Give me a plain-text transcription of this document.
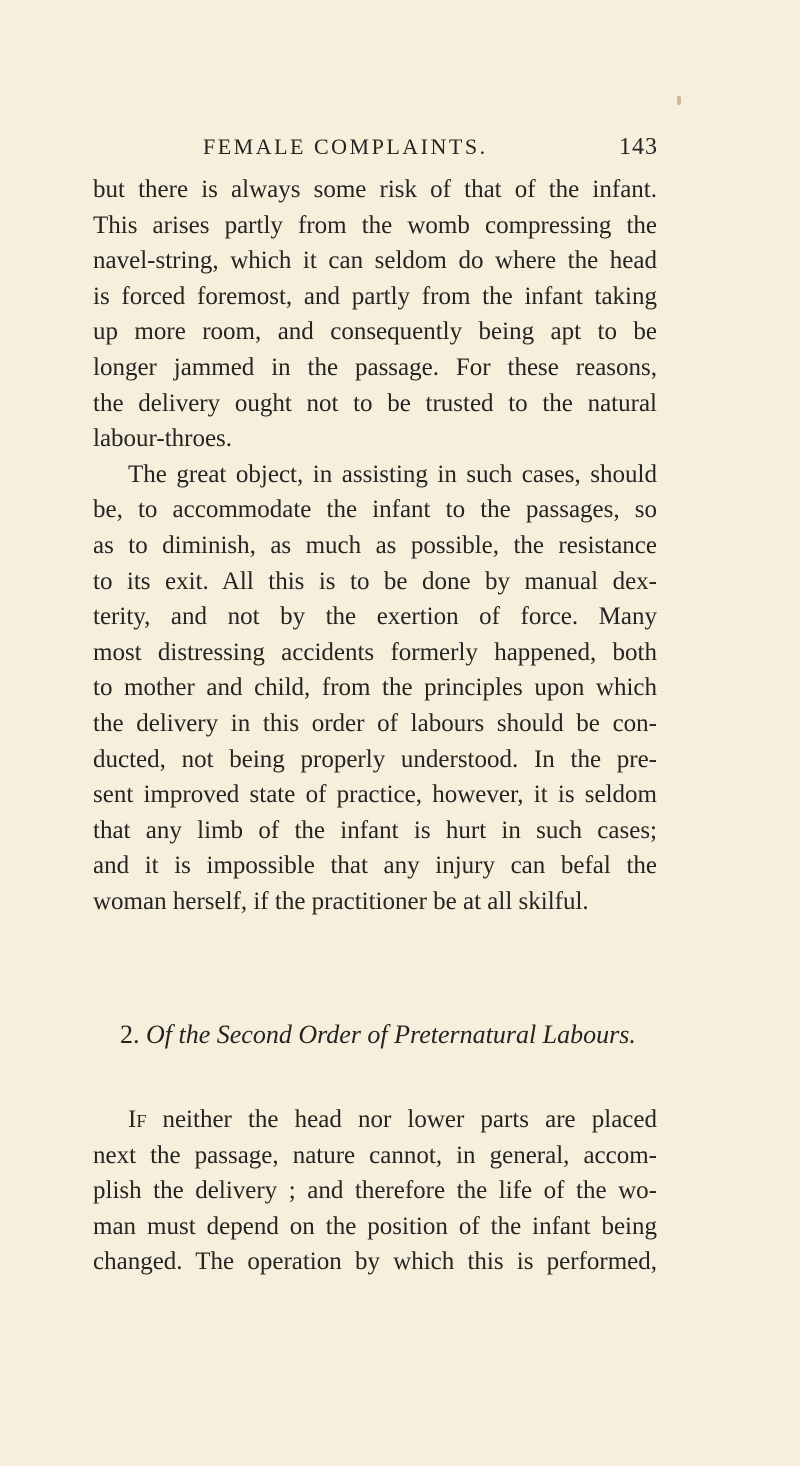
FEMALE COMPLAINTS.	143
but there is always some risk of that of the infant.
This arises partly from the womb compressing the
navel-string, which it can seldom do where the head
is forced foremost, and partly from the infant taking
up more room, and consequently being apt to be
longer jammed in the passage. For these reasons,
the delivery ought not to be trusted to the natural
labour-throes.
The great object, in assisting in such cases, should
be, to accommodate the infant to the passages, so
as to diminish, as much as possible, the resistance
to its exit. All this is to be done by manual dex-
terity, and not by the exertion of force. Many
most distressing accidents formerly happened, both
to mother and child, from the principles upon which
the delivery in this order of labours should be con-
ducted, not being properly understood. In the pre-
sent improved state of practice, however, it is seldom
that any limb of the infant is hurt in such cases;
and it is impossible that any injury can befal the
woman herself, if the practitioner be at all skilful.
2. Of the Second Order of Preternatural Labours.
If neither the head nor lower parts are placed
next the passage, nature cannot, in general, accom-
plish the delivery ; and therefore the life of the wo-
man must depend on the position of the infant being
changed. The operation by which this is performed,
